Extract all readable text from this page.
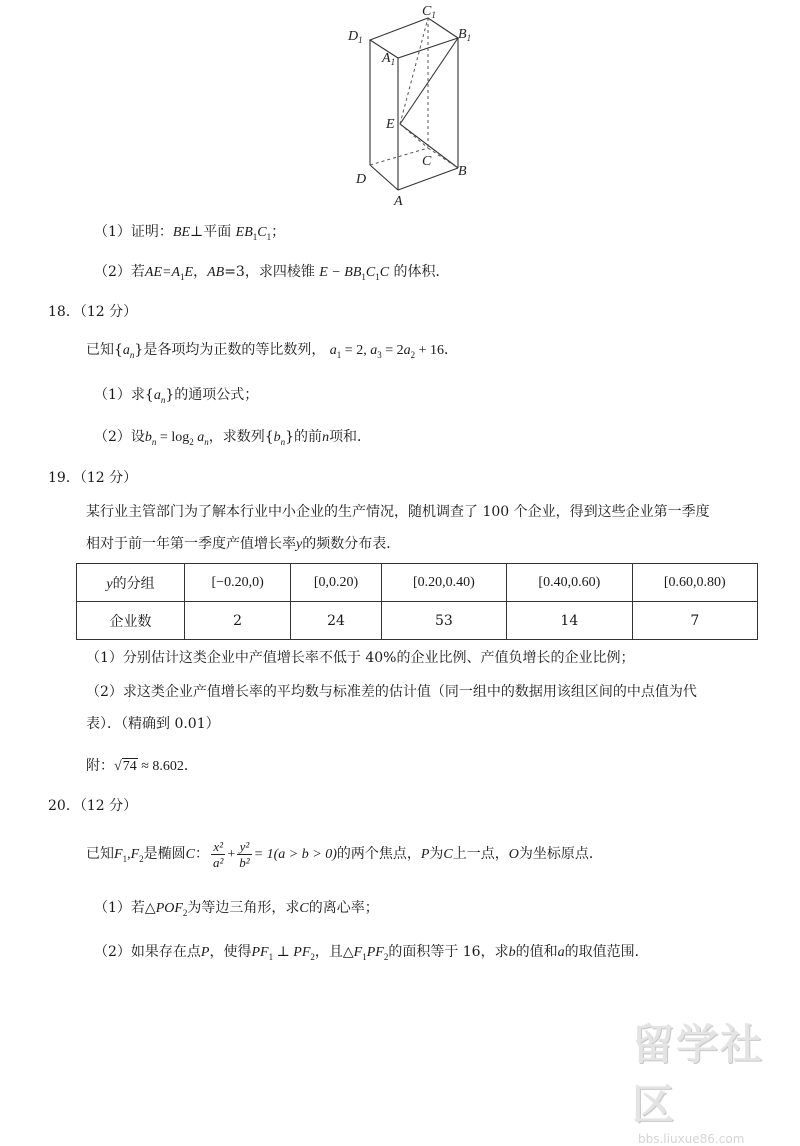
$C_1$
$D_1$	$B_1$
$A_1$
E
C
D
B
A
（1）证明：BE⊥平面 $EB_1C_1$；
（2）若$AE=A_1E$，AB=3，求四棱锥 $E - BB_1C_1C$ 的体积．
18．（12 分）
已知$\{a_n\}$是各项均为正数的等比数列， $a_1 = 2$, $a_3 = 2a_2 + 16$．
（1）求$\{a_n\}$的通项公式；
（2）设$b_n = \log_2 a_n$，求数列$\{b_n\}$的前n项和．
19．（12 分）
某行业主管部门为了解本行业中小企业的生产情况，随机调查了 100 个企业，得到这些企业第一季度
相对于前一年第一季度产值增长率y的频数分布表．
y的分组	[−0.20,0)	[0,0.20)	[0.20,0.40)	[0.40,0.60)	[0.60,0.80)
企业数	2	24	53	14	7
（1）分别估计这类企业中产值增长率不低于 40%的企业比例、产值负增长的企业比例；
（2）求这类企业产值增长率的平均数与标准差的估计值（同一组中的数据用该组区间的中点值为代
表）．（精确到 0.01）
附：√74 ≈ 8.602．
20．（12 分）
已知$F_1,F_2$是椭圆C： $\frac{\text{x²}}{\text{a²}} + \frac{\text{y²}}{\text{b²}} = 1(a > b > 0)$的两个焦点，P为C上一点，O为坐标原点．
（1）若$\triangle POF_2$为等边三角形，求C的离心率；
（2）如果存在点P，使得$PF_1$ ⊥ $PF_2$，且$\triangle F_1PF_2$的面积等于 16，求b的值和a的取值范围．
留学社区
bbs.liuxue86.com
